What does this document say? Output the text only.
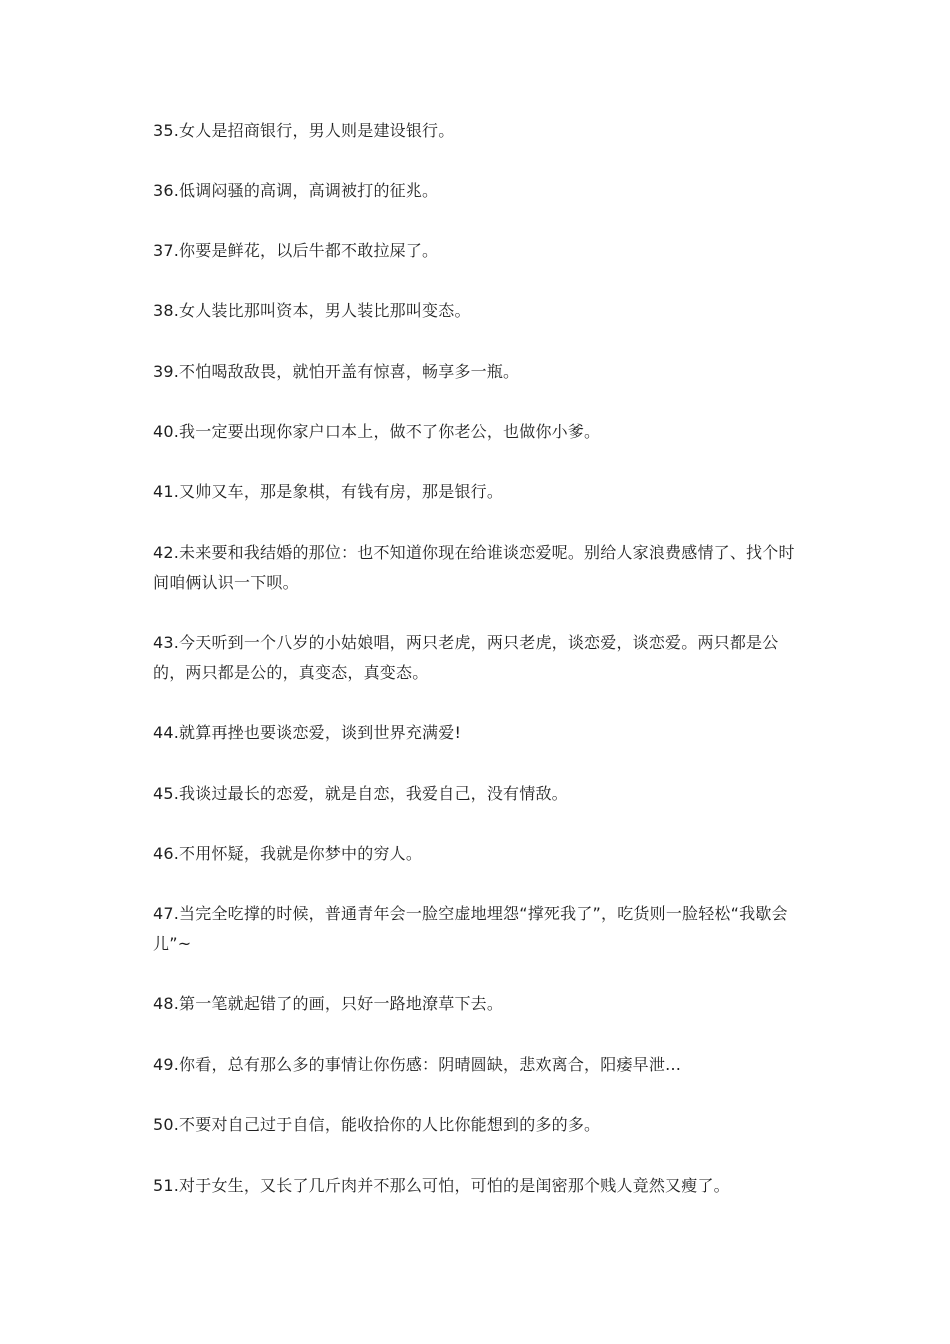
35.女人是招商银行，男人则是建设银行。

36.低调闷骚的高调，高调被打的征兆。

37.你要是鲜花，以后牛都不敢拉屎了。

38.女人装比那叫资本，男人装比那叫变态。

39.不怕喝敌敌畏，就怕开盖有惊喜，畅享多一瓶。

40.我一定要出现你家户口本上，做不了你老公，也做你小爹。

41.又帅又车，那是象棋，有钱有房，那是银行。

42.未来要和我结婚的那位：也不知道你现在给谁谈恋爱呢。别给人家浪费感情了、找个时间咱俩认识一下呗。

43.今天听到一个八岁的小姑娘唱，两只老虎，两只老虎，谈恋爱，谈恋爱。两只都是公的，两只都是公的，真变态，真变态。

44.就算再挫也要谈恋爱，谈到世界充满爱!

45.我谈过最长的恋爱，就是自恋，我爱自己，没有情敌。

46.不用怀疑，我就是你梦中的穷人。

47.当完全吃撑的时候，普通青年会一脸空虚地埋怨“撑死我了”，吃货则一脸轻松“我歇会儿”~

48.第一笔就起错了的画，只好一路地潦草下去。

49.你看，总有那么多的事情让你伤感：阴晴圆缺，悲欢离合，阳痿早泄…

50.不要对自己过于自信，能收拾你的人比你能想到的多的多。

51.对于女生，又长了几斤肉并不那么可怕，可怕的是闺密那个贱人竟然又瘦了。
